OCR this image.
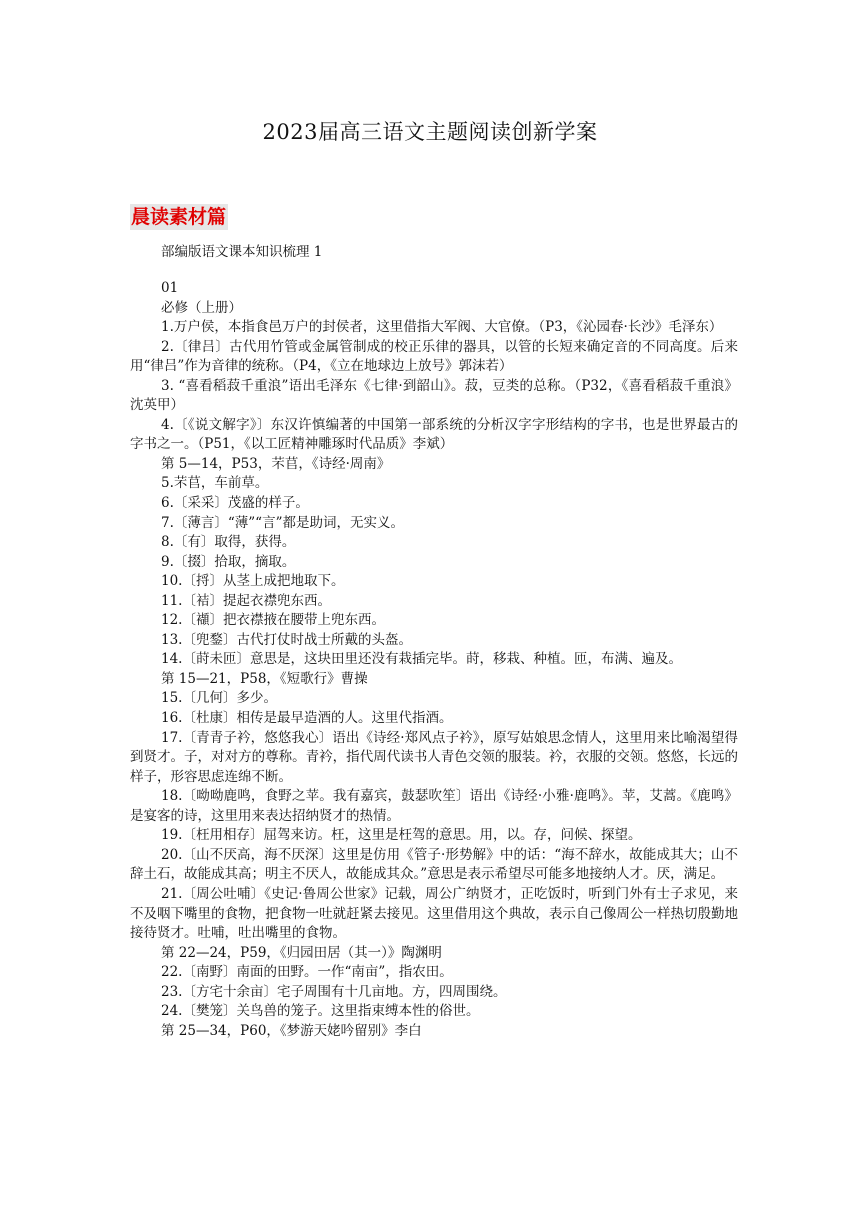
2023届高三语文主题阅读创新学案
晨读素材篇
部编版语文课本知识梳理 1

01

必修（上册）

1.万户侯，本指食邑万户的封侯者，这里借指大军阀、大官僚。（P3，《沁园春·长沙》毛泽东）

2.〔律吕〕古代用竹管或金属管制成的校正乐律的器具，以管的长短来确定音的不同高度。后来用“律吕”作为音律的统称。（P4，《立在地球边上放号》郭沫若）

3. “喜看稻菽千重浪”语出毛泽东《七律·到韶山》。菽，豆类的总称。（P32，《喜看稻菽千重浪》沈英甲）

4.〔《说文解字》〕东汉许慎编著的中国第一部系统的分析汉字字形结构的字书，也是世界最古的字书之一。（P51，《以工匠精神雕琢时代品质》李斌）

第 5—14，P53，芣苢，《诗经·周南》

5.芣苢，车前草。

6.〔采采〕茂盛的样子。

7.〔薄言〕“薄”“言”都是助词，无实义。

8.〔有〕取得，获得。

9.〔掇〕拾取，摘取。

10.〔捋〕从茎上成把地取下。

11.〔袺〕提起衣襟兜东西。

12.〔襭〕把衣襟掖在腰带上兜东西。

13.〔兜鍪〕古代打仗时战士所戴的头盔。

14.〔莳未匝〕意思是，这块田里还没有栽插完毕。莳，移栽、种植。匝，布满、遍及。

第 15—21，P58，《短歌行》曹操

15.〔几何〕多少。

16.〔杜康〕相传是最早造酒的人。这里代指酒。

17.〔青青子衿，悠悠我心〕语出《诗经·郑风点子衿》，原写姑娘思念情人，这里用来比喻渴望得到贤才。子，对对方的尊称。青衿，指代周代读书人青色交领的服装。衿，衣服的交领。悠悠，长远的样子，形容思虑连绵不断。

18.〔呦呦鹿鸣，食野之苹。我有嘉宾，鼓瑟吹笙〕语出《诗经·小雅·鹿鸣》。苹，艾蒿。《鹿鸣》是宴客的诗，这里用来表达招纳贤才的热情。

19.〔枉用相存〕屈驾来访。枉，这里是枉驾的意思。用，以。存，问候、探望。

20.〔山不厌高，海不厌深〕这里是仿用《管子·形势解》中的话：“海不辞水，故能成其大；山不辞土石，故能成其高；明主不厌人，故能成其众。”意思是表示希望尽可能多地接纳人才。厌，满足。

21.〔周公吐哺〕《史记·鲁周公世家》记载，周公广纳贤才，正吃饭时，听到门外有士子求见，来不及咽下嘴里的食物，把食物一吐就赶紧去接见。这里借用这个典故，表示自己像周公一样热切殷勤地接待贤才。吐哺，吐出嘴里的食物。

第 22—24，P59，《归园田居（其一）》陶渊明

22.〔南野〕南面的田野。一作“南亩”，指农田。

23.〔方宅十余亩〕宅子周围有十几亩地。方，四周围绕。

24.〔樊笼〕关鸟兽的笼子。这里指束缚本性的俗世。

第 25—34，P60，《梦游天姥吟留别》李白
